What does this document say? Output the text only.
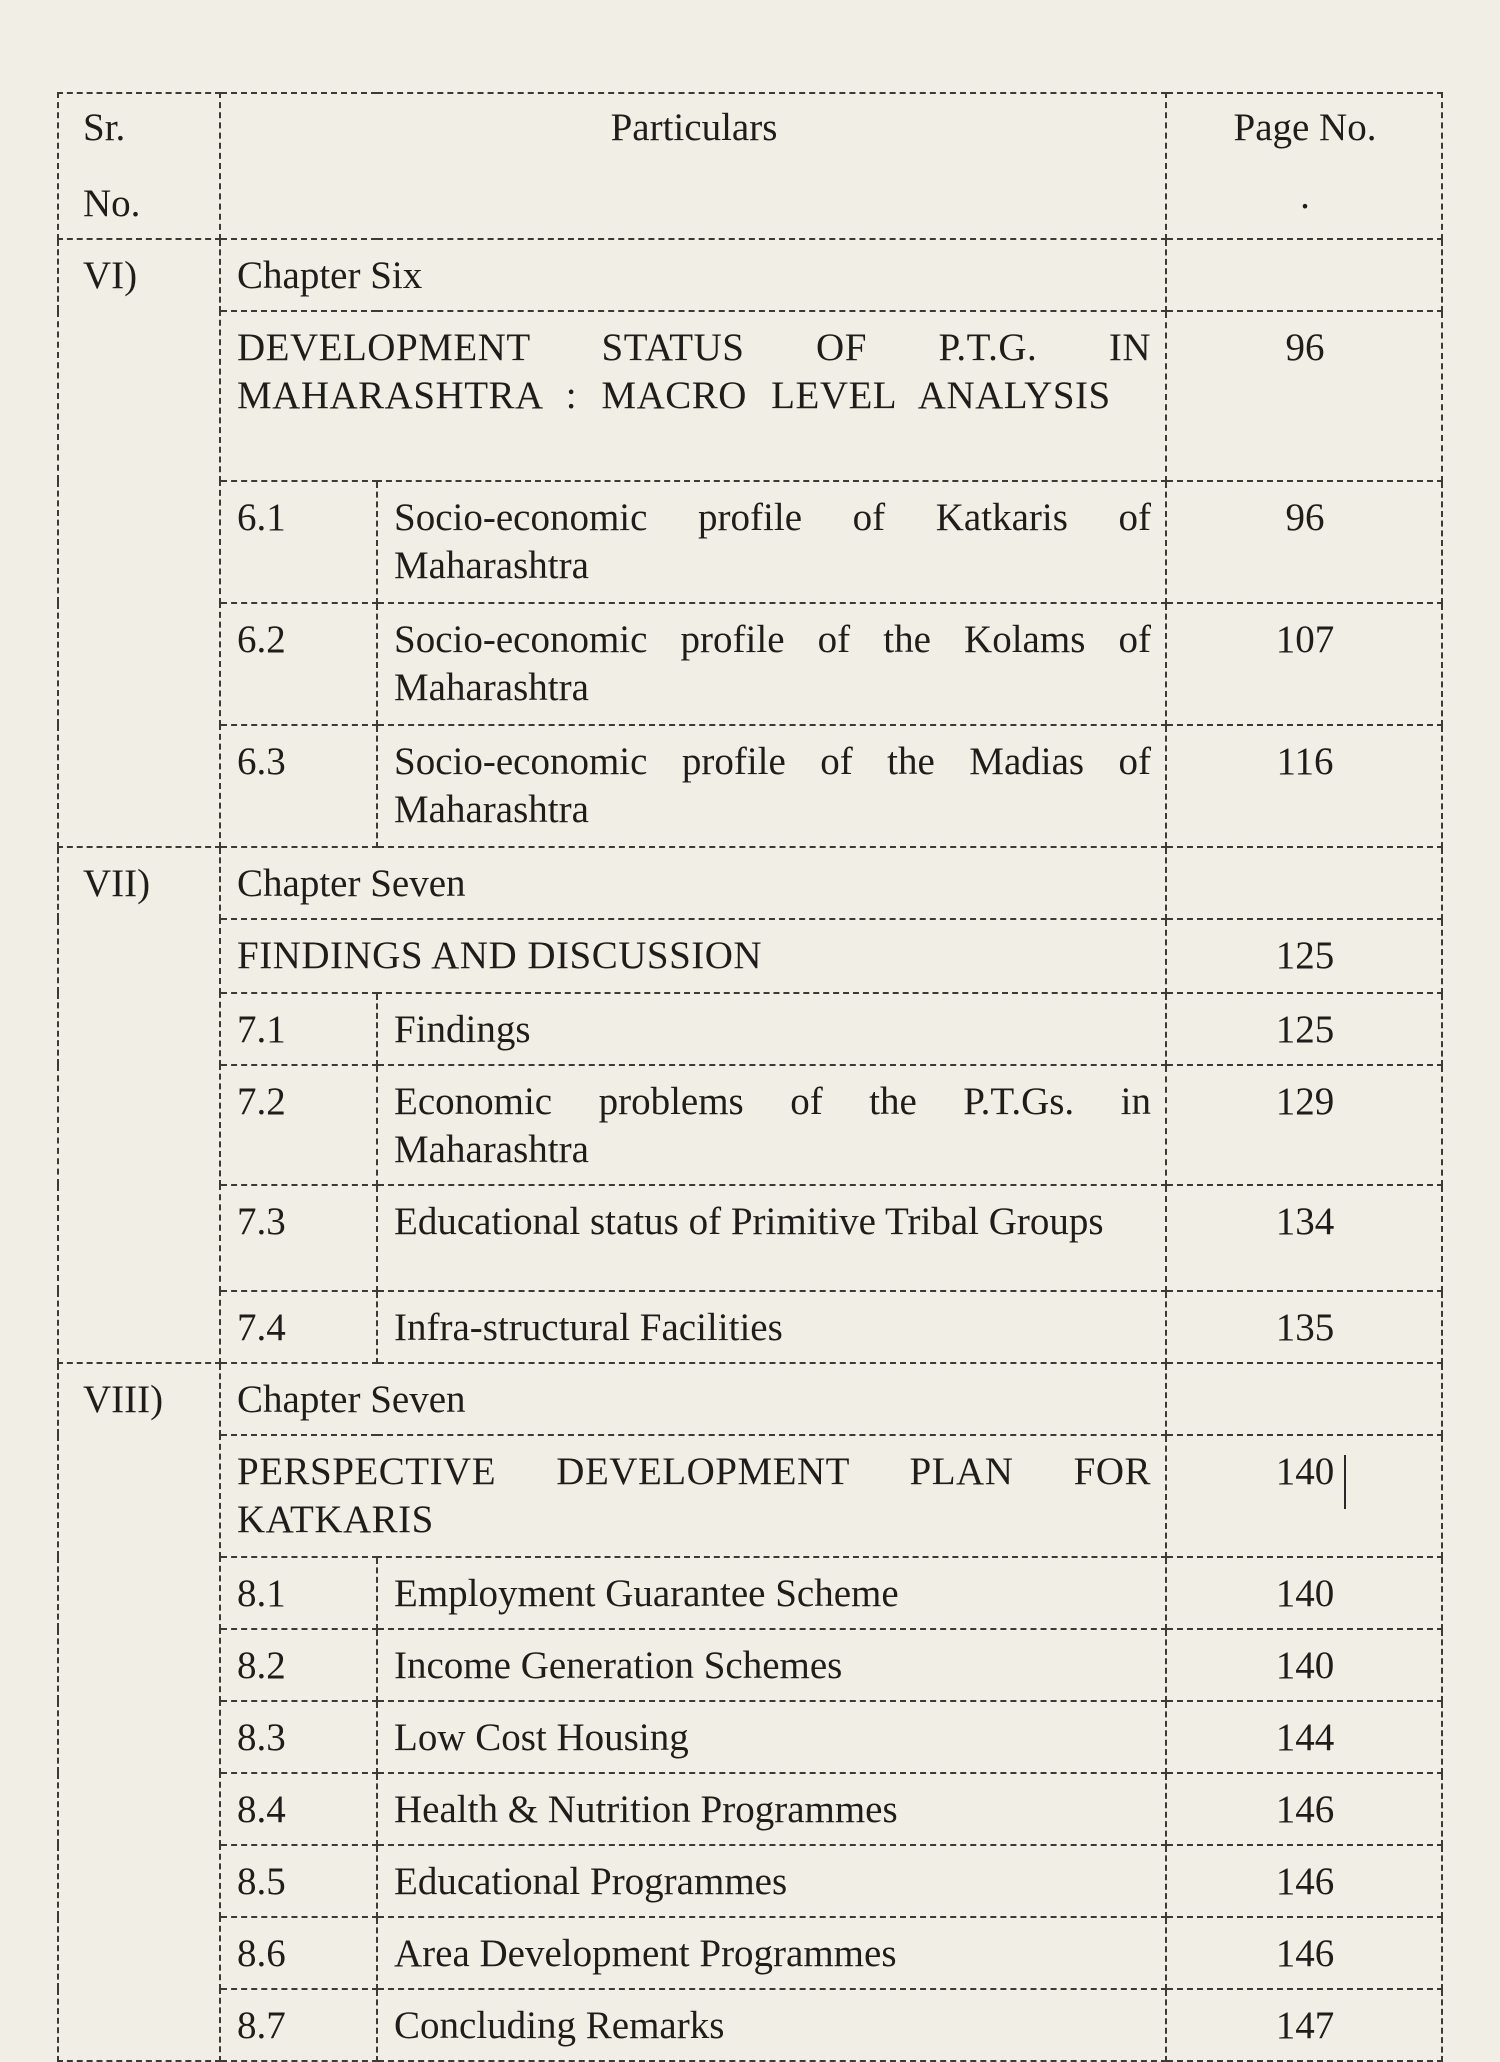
Sr.
No.	Particulars		Page No.
.

VI)	Chapter Six		
	DEVELOPMENT STATUS OF P.T.G. IN MAHARASHTRA : MACRO LEVEL ANALYSIS		96
	6.1	Socio-economic profile of Katkaris of Maharashtra	96
	6.2	Socio-economic profile of the Kolams of Maharashtra	107
	6.3	Socio-economic profile of the Madias of Maharashtra	116
VII)	Chapter Seven		
	FINDINGS AND DISCUSSION		125
	7.1	Findings	125
	7.2	Economic problems of the P.T.Gs. in Maharashtra	129
	7.3	Educational status of Primitive Tribal Groups	134
	7.4	Infra-structural Facilities	135
VIII)	Chapter Seven		
	PERSPECTIVE DEVELOPMENT PLAN FOR KATKARIS		140
	8.1	Employment Guarantee Scheme	140
	8.2	Income Generation Schemes	140
	8.3	Low Cost Housing	144
	8.4	Health & Nutrition Programmes	146
	8.5	Educational Programmes	146
	8.6	Area Development Programmes	146
	8.7	Concluding Remarks	147
